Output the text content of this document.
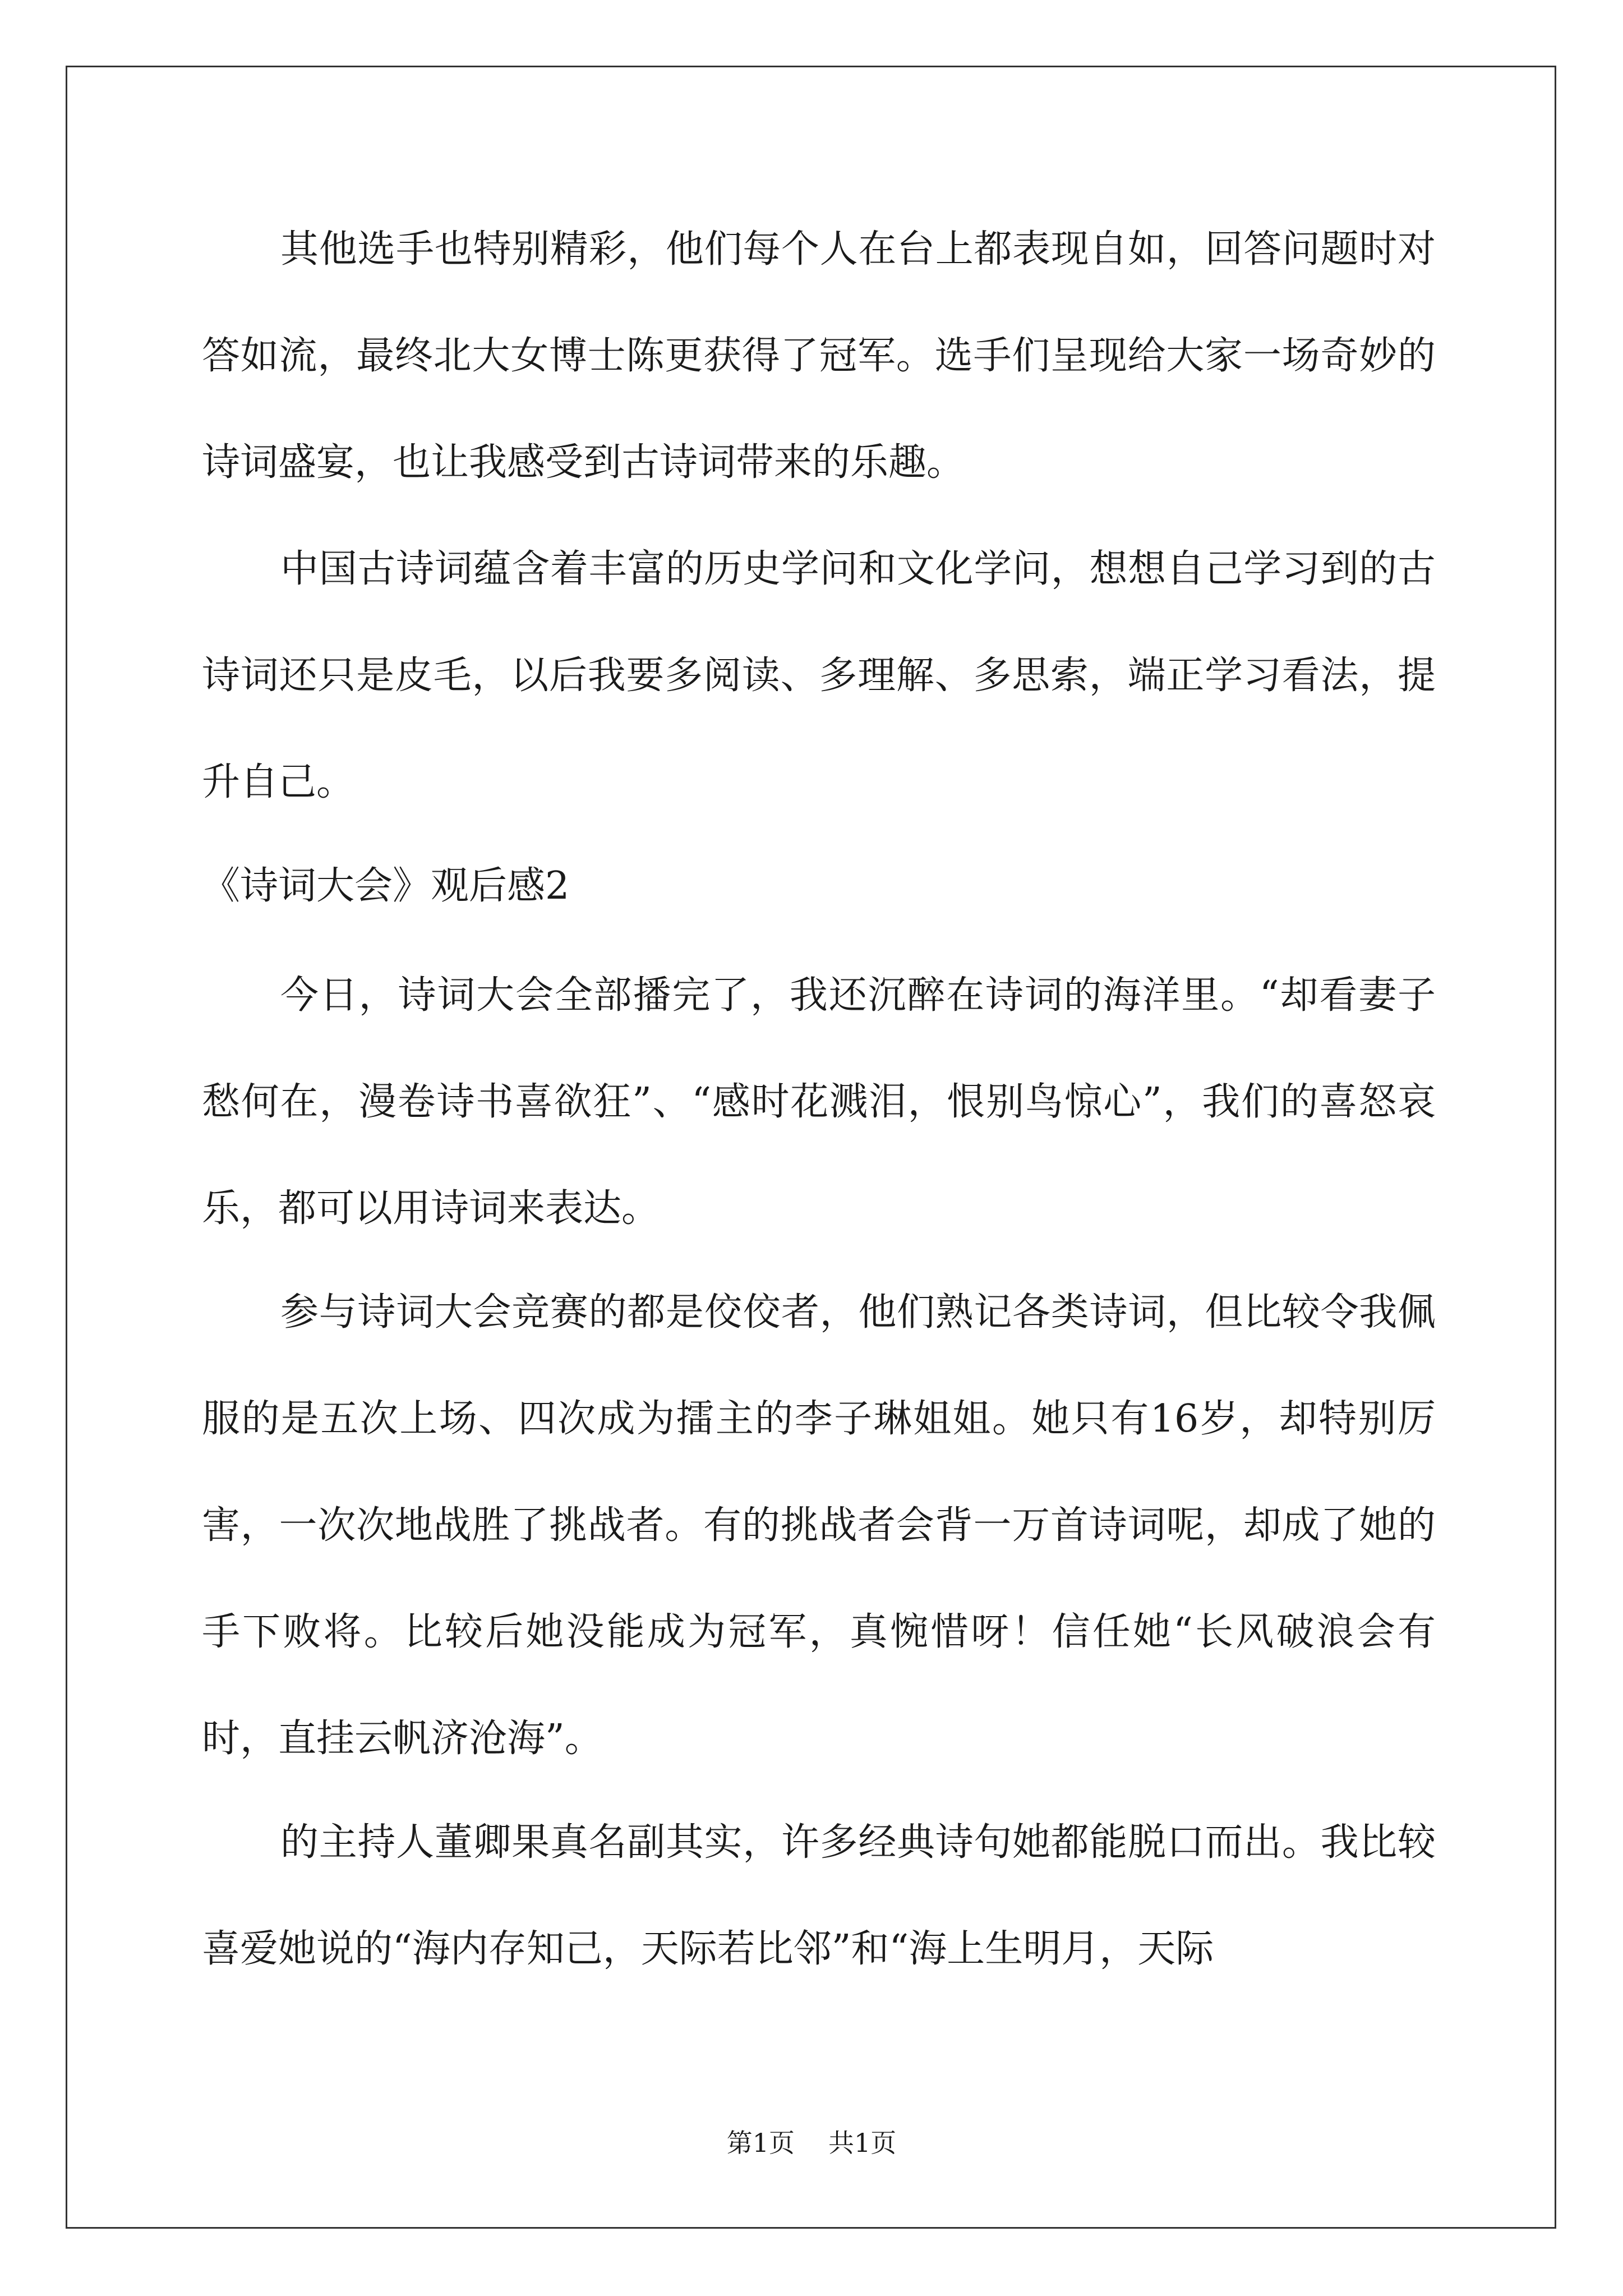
其他选手也特别精彩，他们每个人在台上都表现自如，回答问题时对答如流，最终北大女博士陈更获得了冠军。选手们呈现给大家一场奇妙的诗词盛宴，也让我感受到古诗词带来的乐趣。

中国古诗词蕴含着丰富的历史学问和文化学问，想想自己学习到的古诗词还只是皮毛，以后我要多阅读、多理解、多思索，端正学习看法，提升自己。

《诗词大会》观后感2

今日，诗词大会全部播完了，我还沉醉在诗词的海洋里。“却看妻子愁何在，漫卷诗书喜欲狂”、“感时花溅泪，恨别鸟惊心”，我们的喜怒哀乐，都可以用诗词来表达。

参与诗词大会竞赛的都是佼佼者，他们熟记各类诗词，但比较令我佩服的是五次上场、四次成为擂主的李子琳姐姐。她只有16岁，却特别厉害，一次次地战胜了挑战者。有的挑战者会背一万首诗词呢，却成了她的手下败将。比较后她没能成为冠军，真惋惜呀！信任她“长风破浪会有时，直挂云帆济沧海”。

的主持人董卿果真名副其实，许多经典诗句她都能脱口而出。我比较喜爱她说的“海内存知己，天际若比邻”和“海上生明月，天际

第1页 共1页
